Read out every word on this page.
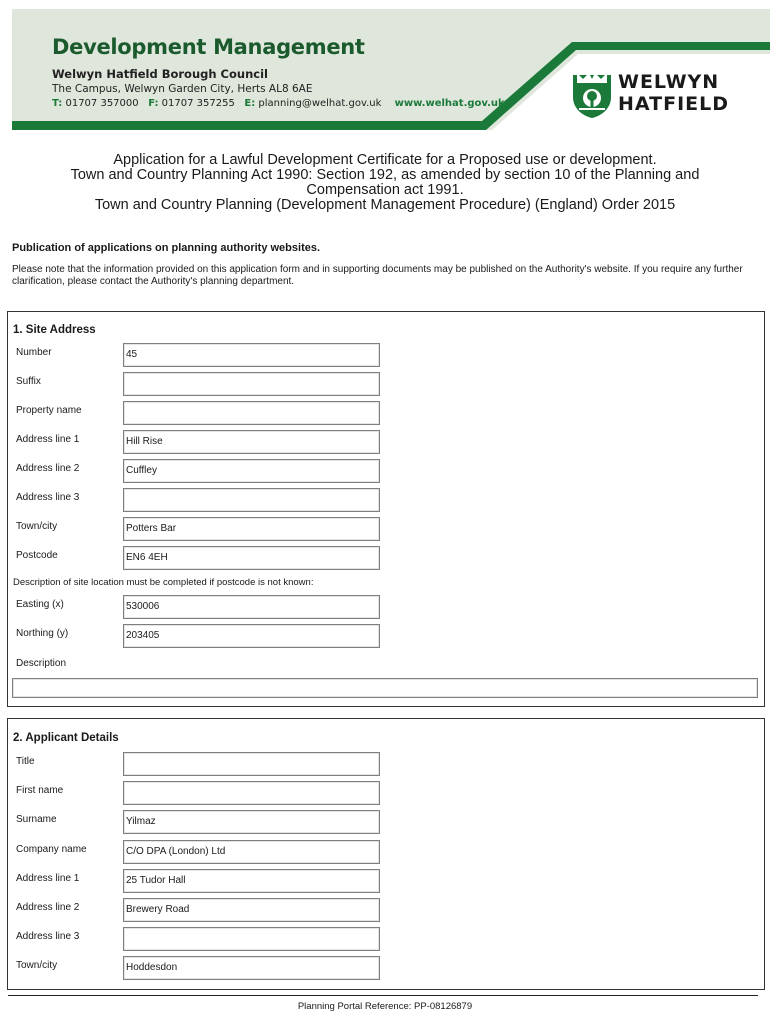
Development Management
Welwyn Hatfield Borough Council
The Campus, Welwyn Garden City, Herts AL8 6AE
T: 01707 357000 F: 01707 357255 E: planning@welhat.gov.uk www.welhat.gov.uk
WELWYN
HATFIELD
Application for a Lawful Development Certificate for a Proposed use or development.
Town and Country Planning Act 1990: Section 192, as amended by section 10 of the Planning and
Compensation act 1991.
Town and Country Planning (Development Management Procedure) (England) Order 2015
Publication of applications on planning authority websites.
Please note that the information provided on this application form and in supporting documents may be published on the Authority's website. If you require any further clarification, please contact the Authority's planning department.
1. Site Address
Number	45
Suffix
Property name
Address line 1	Hill Rise
Address line 2	Cuffley
Address line 3
Town/city	Potters Bar
Postcode	EN6 4EH
Description of site location must be completed if postcode is not known:
Easting (x)	530006
Northing (y)	203405
Description
2. Applicant Details
Title
First name
Surname	Yilmaz
Company name	C/O DPA (London) Ltd
Address line 1	25 Tudor Hall
Address line 2	Brewery Road
Address line 3
Town/city	Hoddesdon
Planning Portal Reference: PP-08126879
